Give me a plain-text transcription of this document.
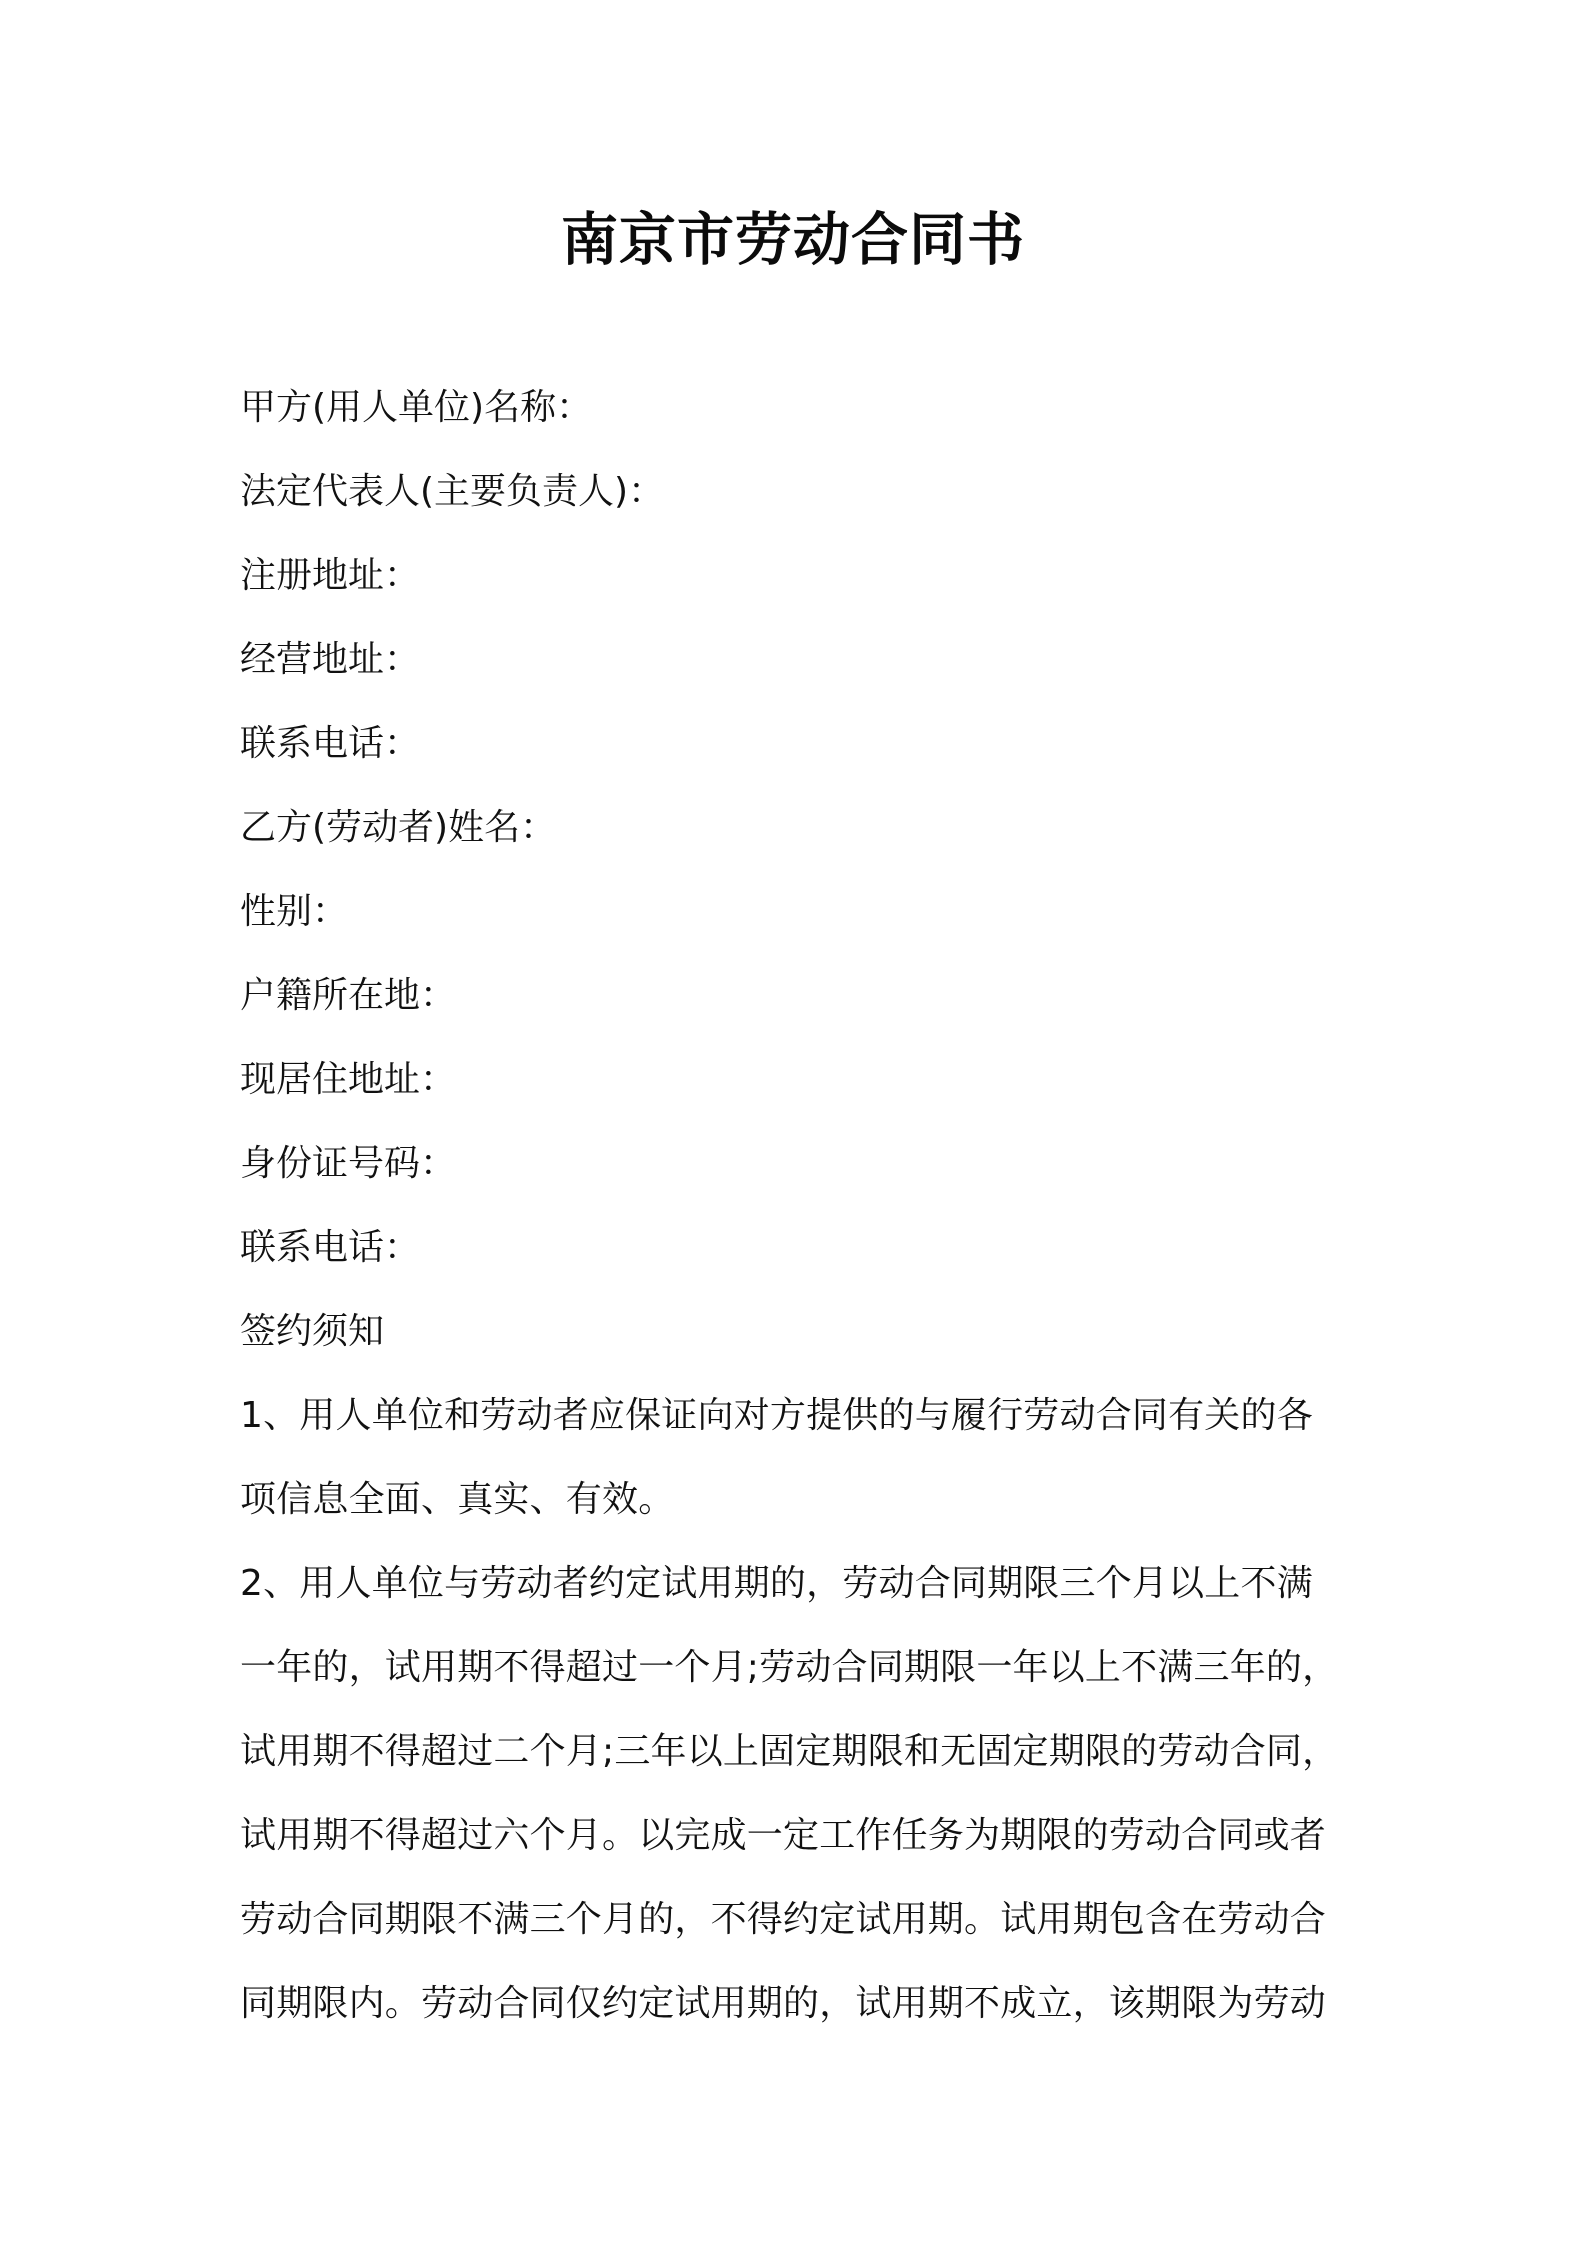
南京市劳动合同书
甲方(用人单位)名称：
法定代表人(主要负责人)：
注册地址：
经营地址：
联系电话：
乙方(劳动者)姓名：
性别：
户籍所在地：
现居住地址：
身份证号码：
联系电话：
签约须知
1、用人单位和劳动者应保证向对方提供的与履行劳动合同有关的各
项信息全面、真实、有效。
2、用人单位与劳动者约定试用期的，劳动合同期限三个月以上不满
一年的，试用期不得超过一个月;劳动合同期限一年以上不满三年的，
试用期不得超过二个月;三年以上固定期限和无固定期限的劳动合同，
试用期不得超过六个月。以完成一定工作任务为期限的劳动合同或者
劳动合同期限不满三个月的，不得约定试用期。试用期包含在劳动合
同期限内。劳动合同仅约定试用期的，试用期不成立，该期限为劳动
